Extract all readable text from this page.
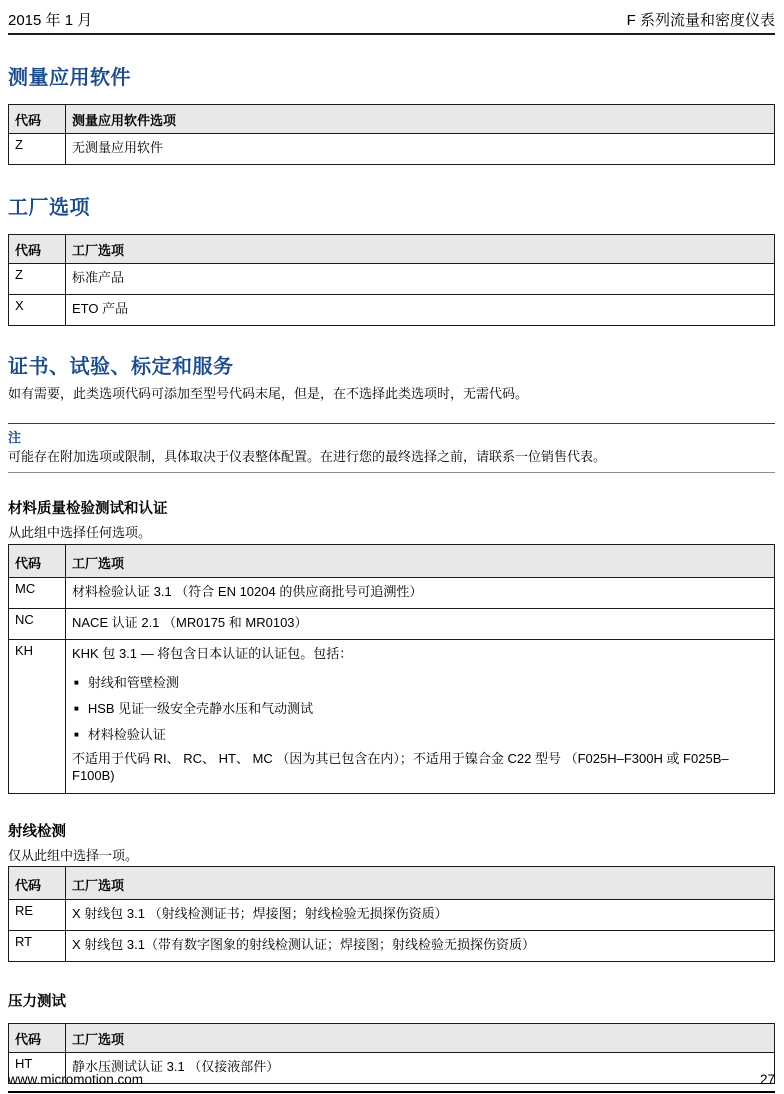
2015 年 1 月	F 系列流量和密度仪表
测量应用软件
代码	测量应用软件选项
Z	无测量应用软件
工厂选项
代码	工厂选项
Z	标准产品
X	ETO 产品
证书、试验、标定和服务

如有需要，此类选项代码可添加至型号代码末尾，但是，在不选择此类选项时，无需代码。

注
可能存在附加选项或限制，具体取决于仪表整体配置。在进行您的最终选择之前，请联系一位销售代表。
材料质量检验测试和认证

从此组中选择任何选项。

代码	工厂选项
MC	材料检验认证 3.1 （符合 EN 10204 的供应商批号可追溯性）
NC	NACE 认证 2.1 （MR0175 和 MR0103）
KH	KHK 包 3.1 — 将包含日本认证的认证包。包括：
■ 射线和管壁检测
■ HSB 见证一级安全壳静水压和气动测试
■ 材料检验认证
不适用于代码 RI、 RC、 HT、 MC （因为其已包含在内）；不适用于镍合金 C22 型号 （F025H–F300H 或 F025B–F100B)
射线检测

仅从此组中选择一项。

代码	工厂选项
RE	X 射线包 3.1 （射线检测证书；焊接图；射线检验无损探伤资质）
RT	X 射线包 3.1（带有数字图象的射线检测认证；焊接图；射线检验无损探伤资质）
压力测试
代码	工厂选项
HT	静水压测试认证 3.1 （仅接液部件）
www.micromotion.com	27
